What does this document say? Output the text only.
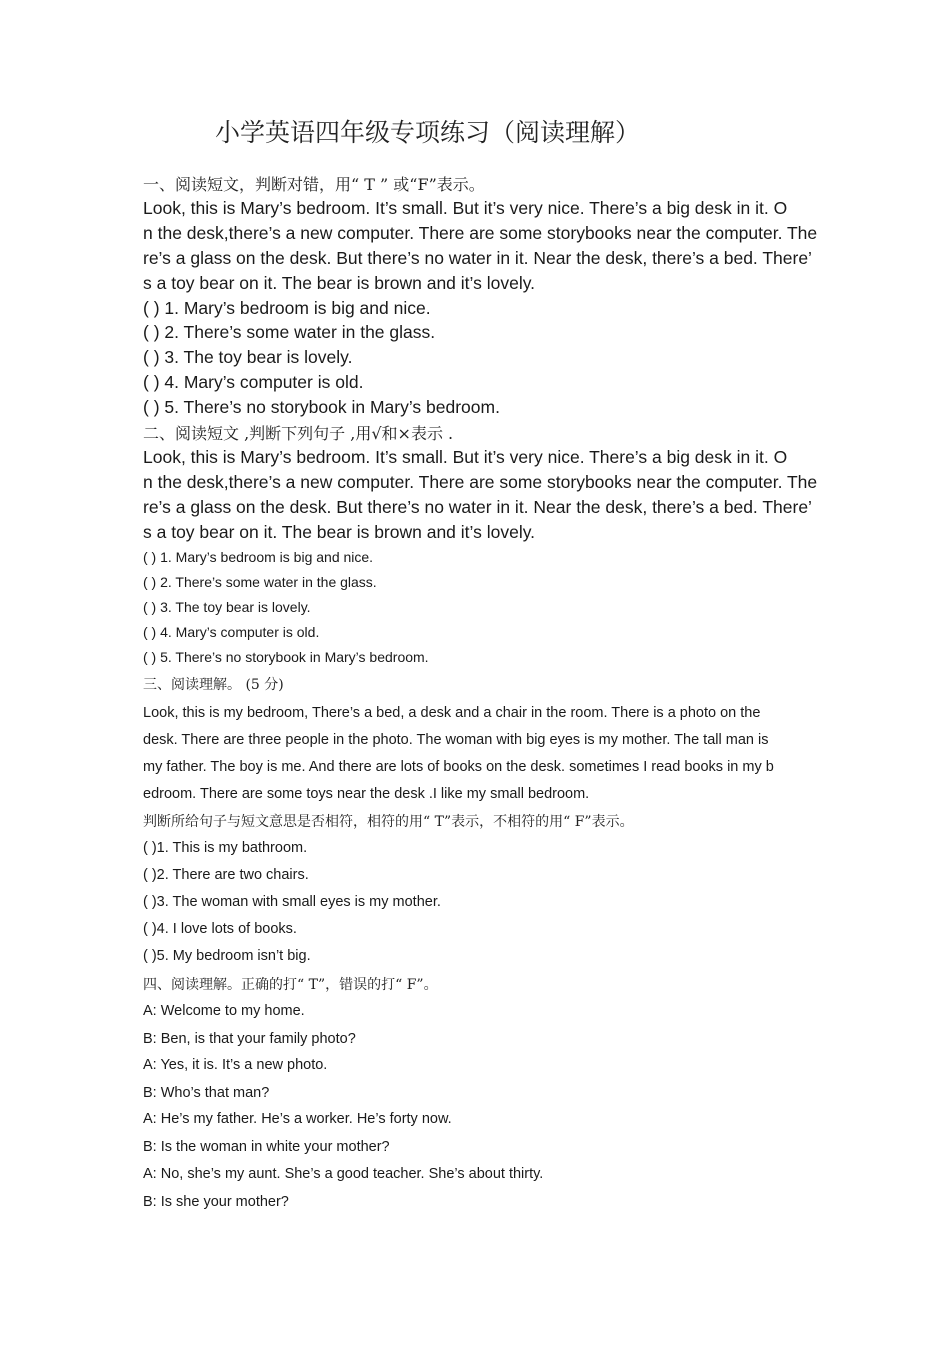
小学英语四年级专项练习（阅读理解）
一、阅读短文，判断对错，用“ T ” 或“F”表示。
Look, this is Mary’s bedroom. It’s small. But it’s very nice. There’s a big desk in it. O
n the desk,there’s a new computer. There are some storybooks near the computer. The
re’s a glass on the desk. But there’s no water in it. Near the desk, there’s a bed. There’
s a toy bear on it. The bear is brown and it’s lovely.
( ) 1. Mary’s bedroom is big and nice.
( ) 2. There’s some water in the glass.
( ) 3. The toy bear is lovely.
( ) 4. Mary’s computer is old.
( ) 5. There’s no storybook in Mary’s bedroom.
二、阅读短文 ,判断下列句子 ,用√和×表示 .
Look, this is Mary’s bedroom. It’s small. But it’s very nice. There’s a big desk in it. O
n the desk,there’s a new computer. There are some storybooks near the computer. The
re’s a glass on the desk. But there’s no water in it. Near the desk, there’s a bed. There’
s a toy bear on it. The bear is brown and it’s lovely.
( ) 1. Mary’s bedroom is big and nice.
( ) 2. There’s some water in the glass.
( ) 3. The toy bear is lovely.
( ) 4. Mary’s computer is old.
( ) 5. There’s no storybook in Mary’s bedroom.
三、阅读理解。 (5 分)
Look, this is my bedroom, There’s a bed, a desk and a chair in the room. There is a photo on the
desk. There are three people in the photo. The woman with big eyes is my mother. The tall man is
my father. The boy is me. And there are lots of books on the desk. sometimes I read books in my b
edroom. There are some toys near the desk .I like my small bedroom.
判断所给句子与短文意思是否相符，相符的用“ T”表示，不相符的用“ F”表示。
( )1. This is my bathroom.
( )2. There are two chairs.
( )3. The woman with small eyes is my mother.
( )4. I love lots of books.
( )5. My bedroom isn’t big.
四、阅读理解。正确的打“ T”，错误的打“ F”。
A: Welcome to my home.
B: Ben, is that your family photo?
A: Yes, it is. It’s a new photo.
B: Who’s that man?
A: He’s my father. He’s a worker. He’s forty now.
B: Is the woman in white your mother?
A: No, she’s my aunt. She’s a good teacher. She’s about thirty.
B: Is she your mother?
